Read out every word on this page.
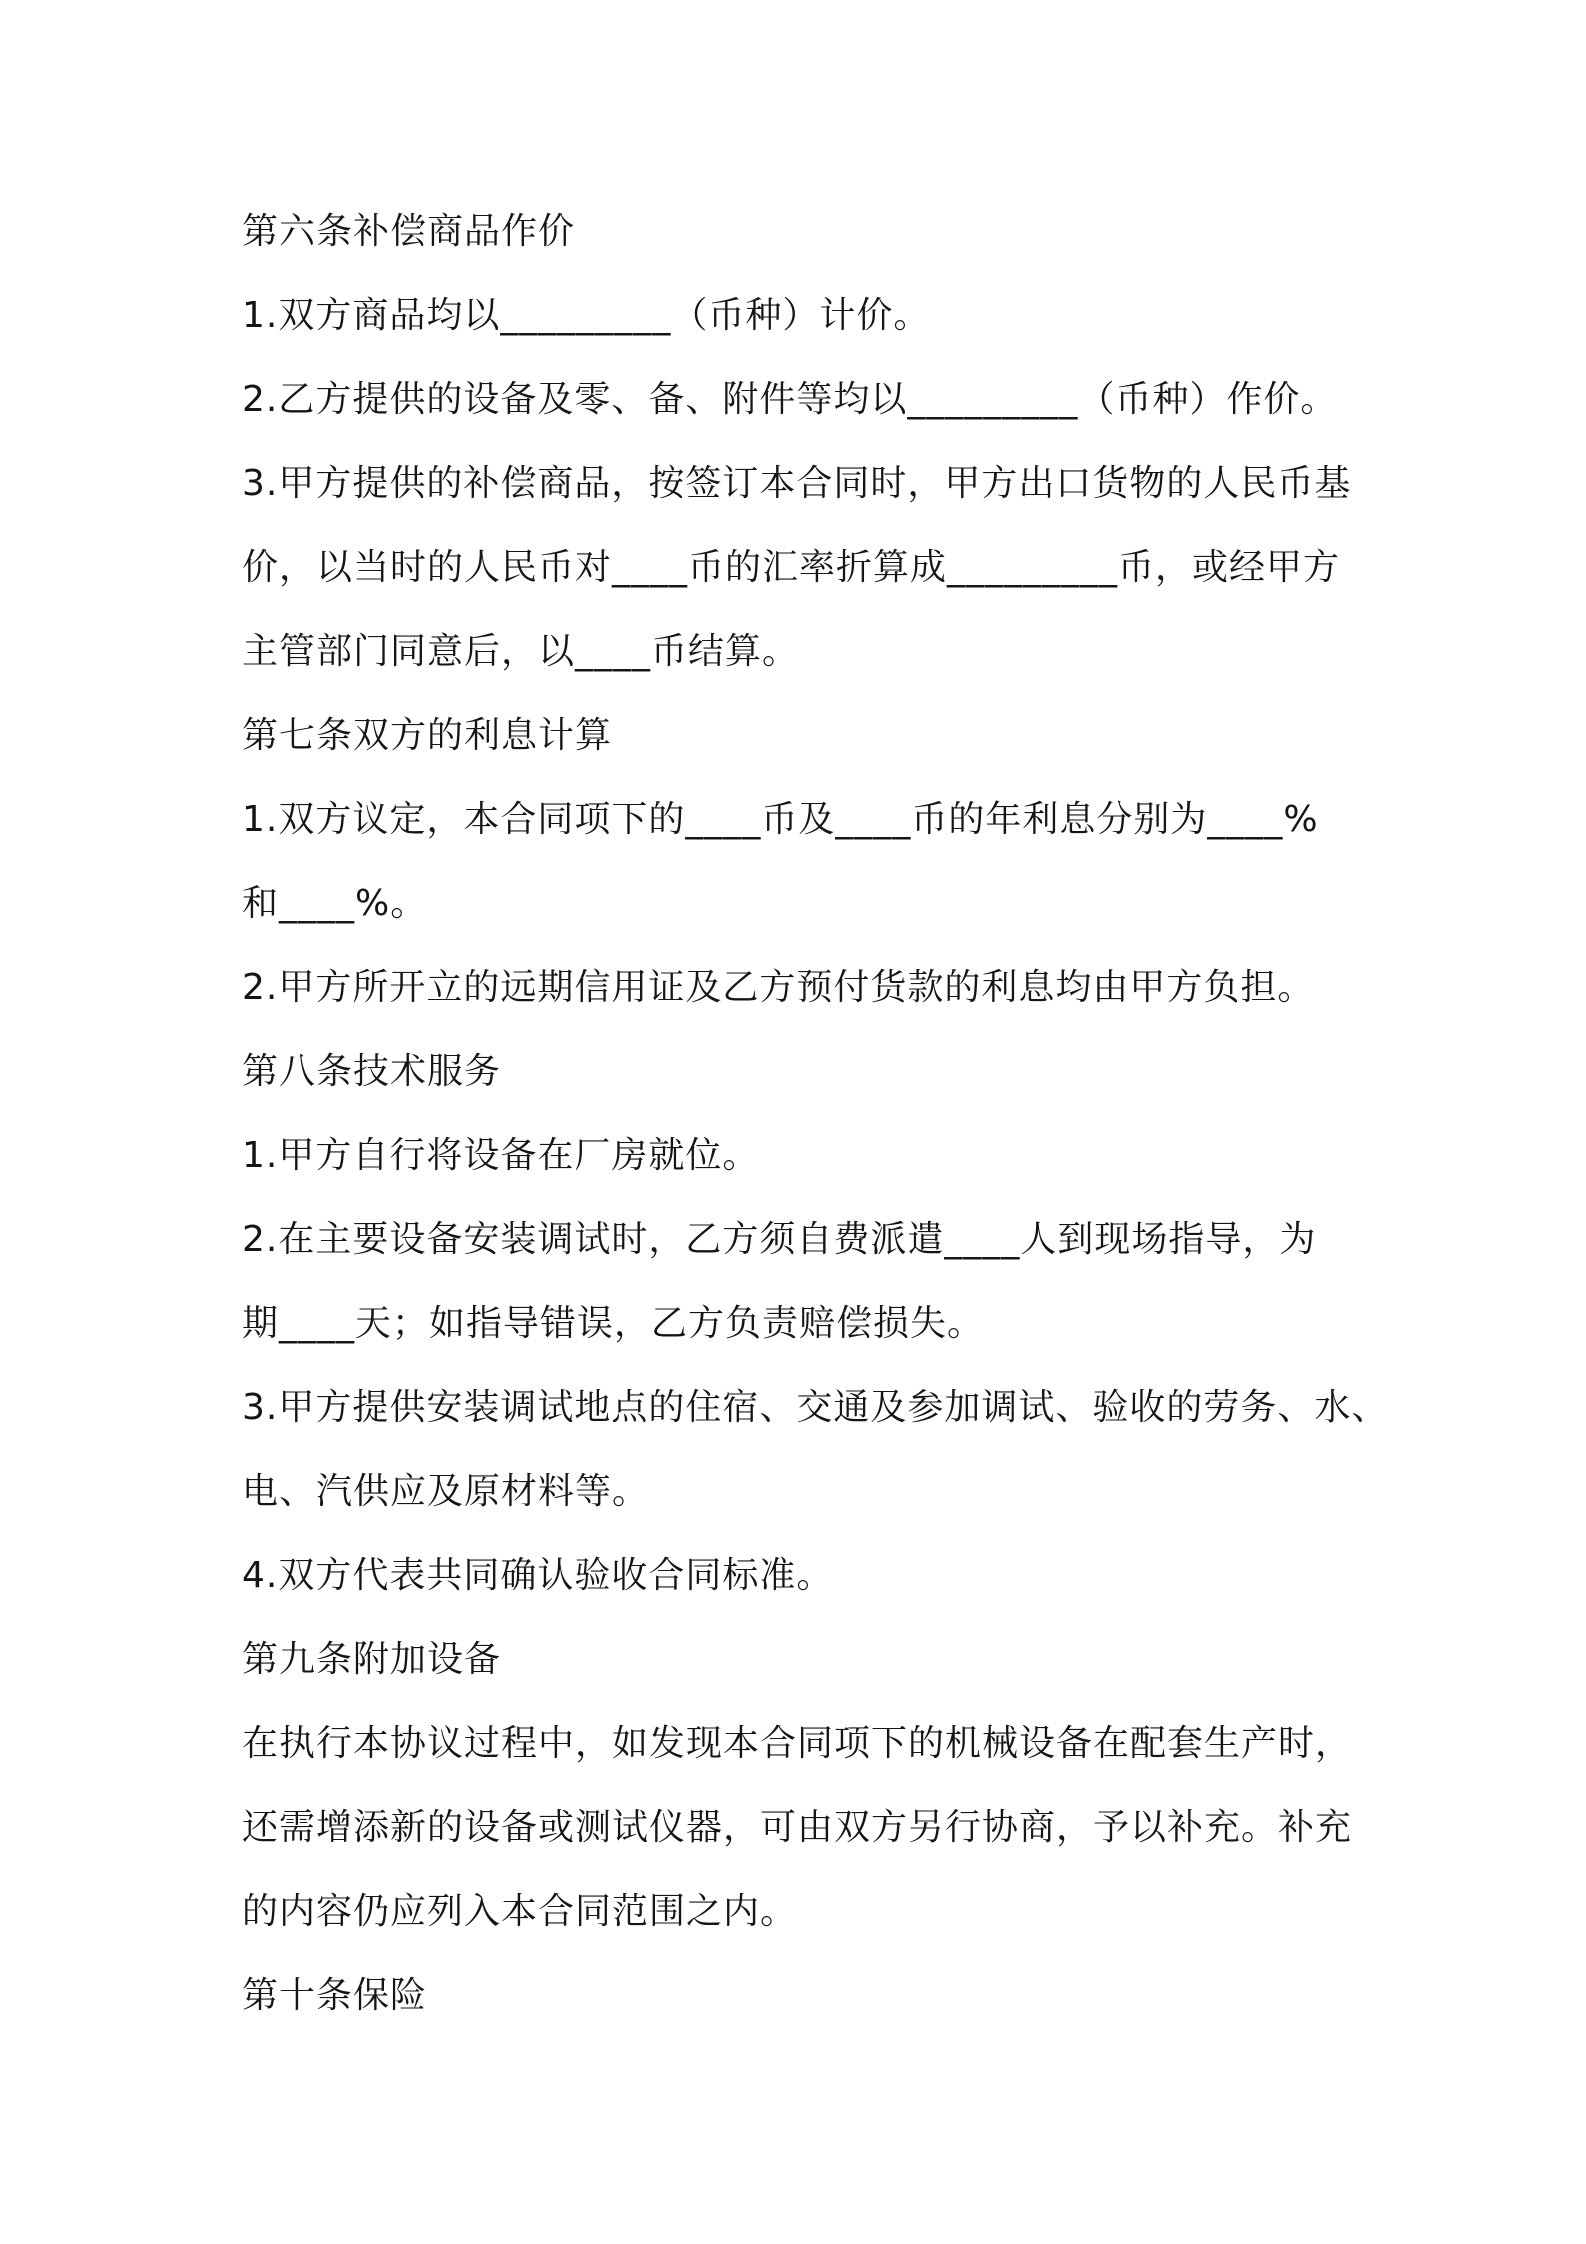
第六条补偿商品作价
1.双方商品均以_________（币种）计价。
2.乙方提供的设备及零、备、附件等均以_________（币种）作价。
3.甲方提供的补偿商品，按签订本合同时，甲方出口货物的人民币基
价，以当时的人民币对____币的汇率折算成_________币，或经甲方
主管部门同意后，以____币结算。
第七条双方的利息计算
1.双方议定，本合同项下的____币及____币的年利息分别为____%
和____%。
2.甲方所开立的远期信用证及乙方预付货款的利息均由甲方负担。
第八条技术服务
1.甲方自行将设备在厂房就位。
2.在主要设备安装调试时，乙方须自费派遣____人到现场指导，为
期____天；如指导错误，乙方负责赔偿损失。
3.甲方提供安装调试地点的住宿、交通及参加调试、验收的劳务、水、
电、汽供应及原材料等。
4.双方代表共同确认验收合同标准。
第九条附加设备
在执行本协议过程中，如发现本合同项下的机械设备在配套生产时，
还需增添新的设备或测试仪器，可由双方另行协商，予以补充。补充
的内容仍应列入本合同范围之内。
第十条保险
